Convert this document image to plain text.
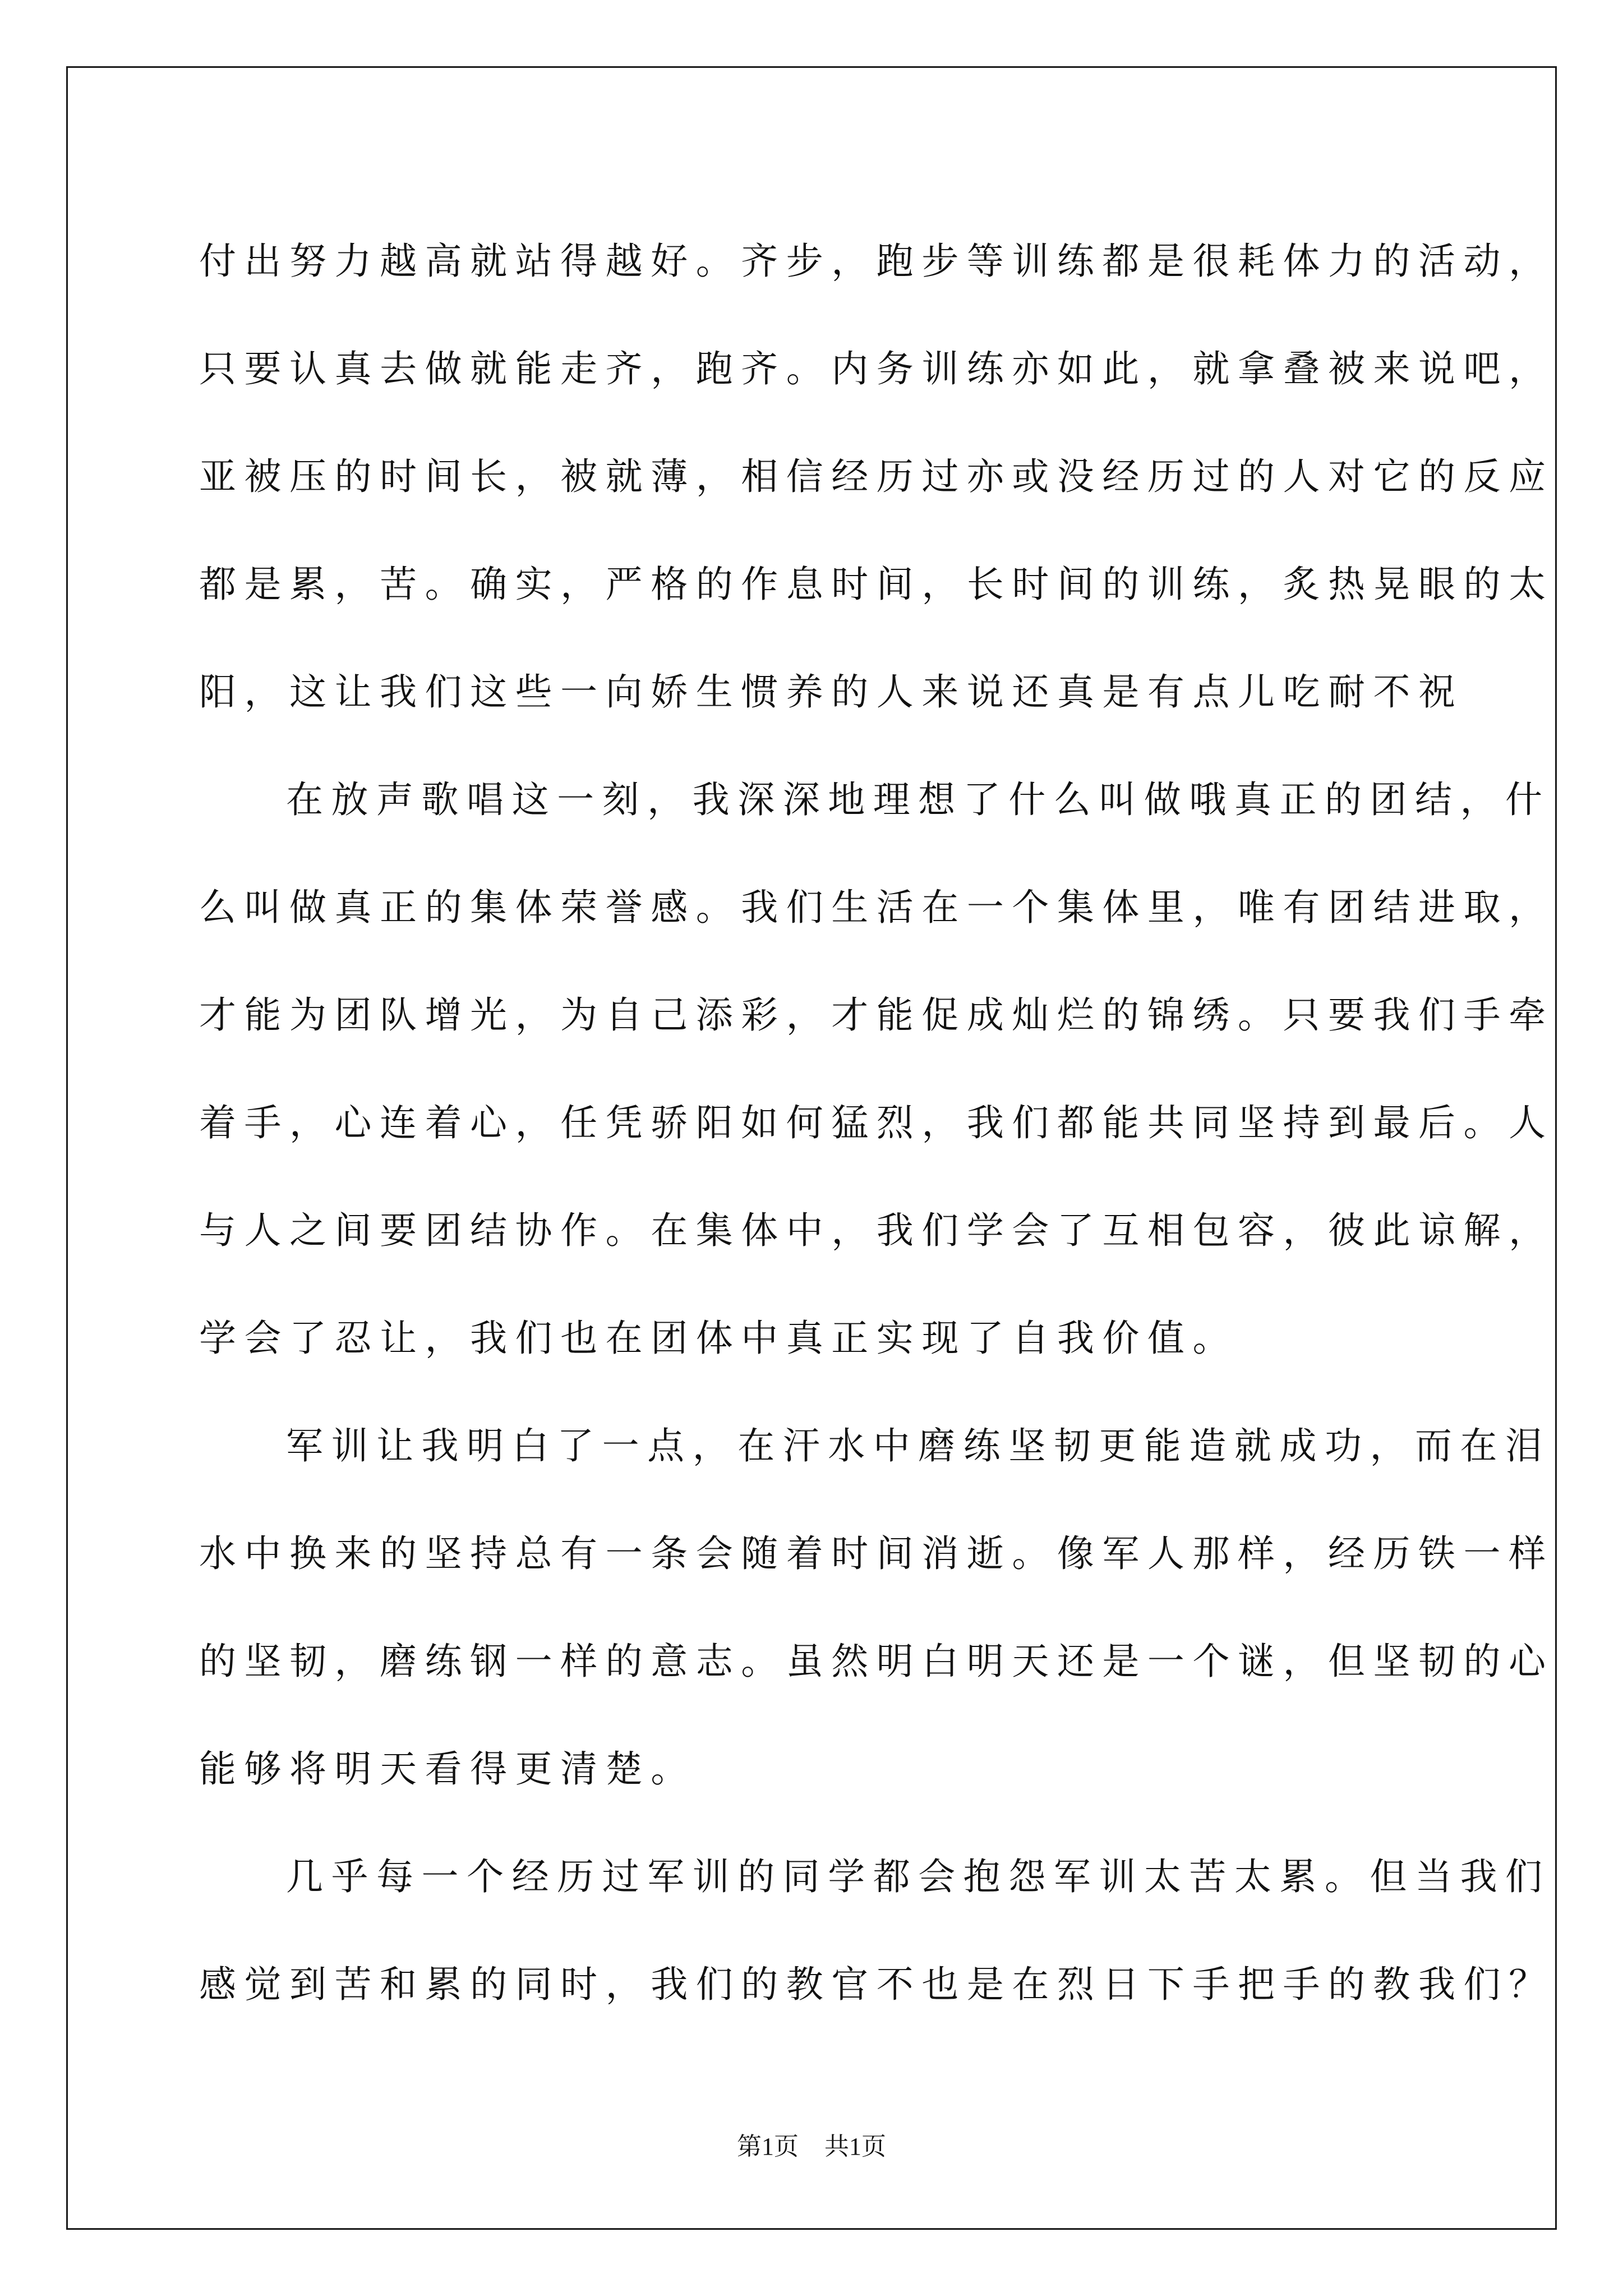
付出努力越高就站得越好。齐步，跑步等训练都是很耗体力的活动，
只要认真去做就能走齐，跑齐。内务训练亦如此，就拿叠被来说吧，
亚被压的时间长，被就薄，相信经历过亦或没经历过的人对它的反应
都是累，苦。确实，严格的作息时间，长时间的训练，炙热晃眼的太
阳，这让我们这些一向娇生惯养的人来说还真是有点儿吃耐不祝
在放声歌唱这一刻，我深深地理想了什么叫做哦真正的团结，什
么叫做真正的集体荣誉感。我们生活在一个集体里，唯有团结进取，
才能为团队增光，为自己添彩，才能促成灿烂的锦绣。只要我们手牵
着手，心连着心，任凭骄阳如何猛烈，我们都能共同坚持到最后。人
与人之间要团结协作。在集体中，我们学会了互相包容，彼此谅解，
学会了忍让，我们也在团体中真正实现了自我价值。
军训让我明白了一点，在汗水中磨练坚韧更能造就成功，而在泪
水中换来的坚持总有一条会随着时间消逝。像军人那样，经历铁一样
的坚韧，磨练钢一样的意志。虽然明白明天还是一个谜，但坚韧的心
能够将明天看得更清楚。
几乎每一个经历过军训的同学都会抱怨军训太苦太累。但当我们
感觉到苦和累的同时，我们的教官不也是在烈日下手把手的教我们？
第1页 共1页
